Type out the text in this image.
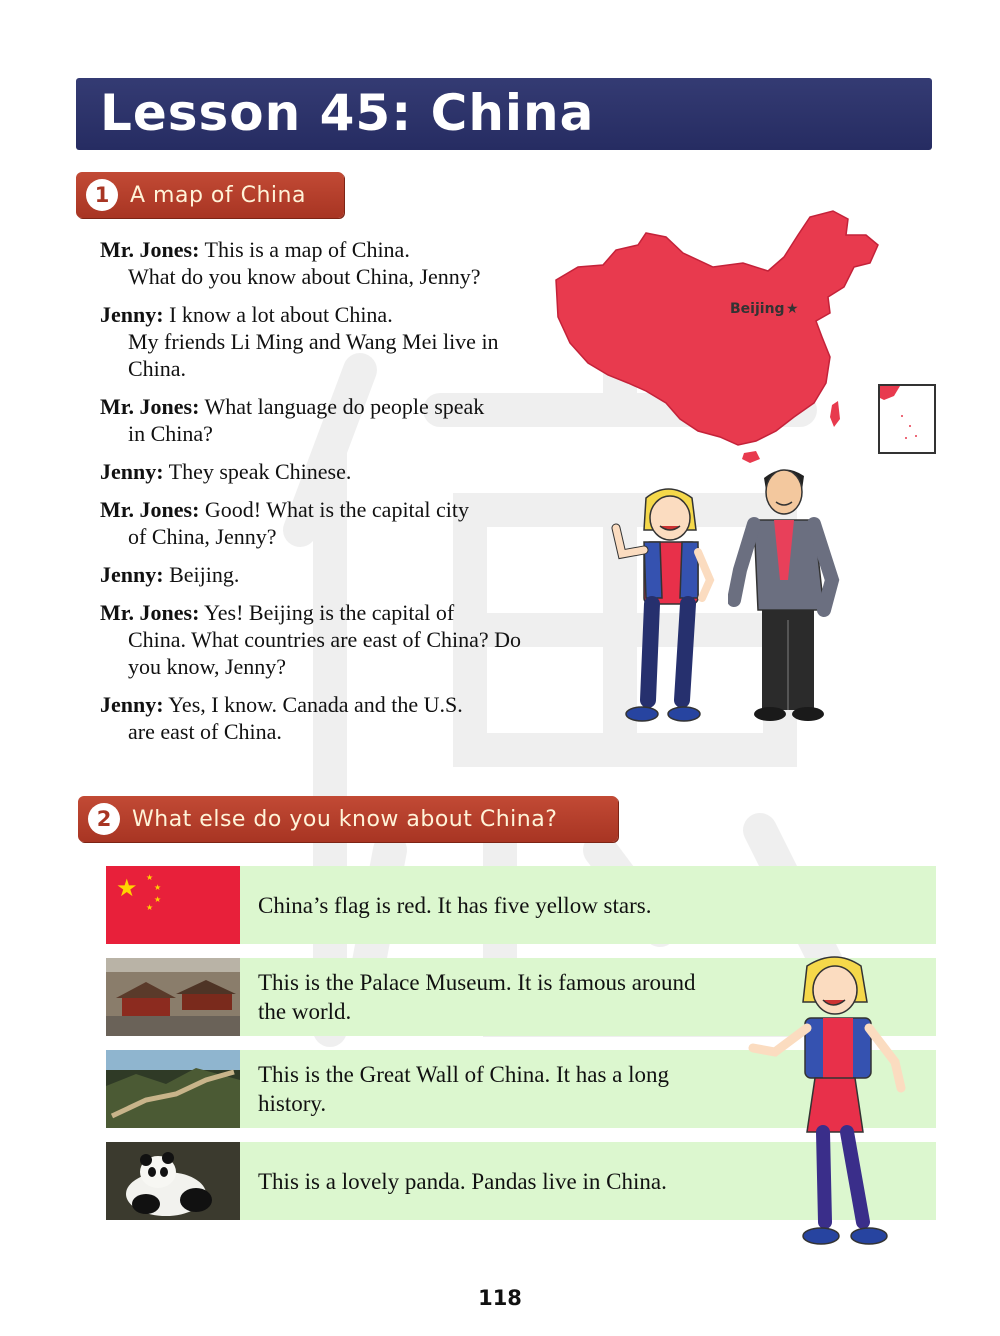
Lesson 45: China
1 A map of China
Mr. Jones: This is a map of China.
What do you know about China, Jenny?
Jenny: I know a lot about China.
My friends Li Ming and Wang Mei live in China.
Mr. Jones: What language do people speak
in China?
Jenny: They speak Chinese.
Mr. Jones: Good! What is the capital city
of China, Jenny?
Jenny: Beijing.
Mr. Jones: Yes! Beijing is the capital of
China. What countries are east of China? Do you know, Jenny?
Jenny: Yes, I know. Canada and the U.S.
are east of China.
Beijing ★
2 What else do you know about China?
★ ★
★
★
★	China’s flag is red. It has five yellow stars.
This is the Palace Museum. It is famous around the world.
This is the Great Wall of China. It has a long history.
This is a lovely panda. Pandas live in China.
118
